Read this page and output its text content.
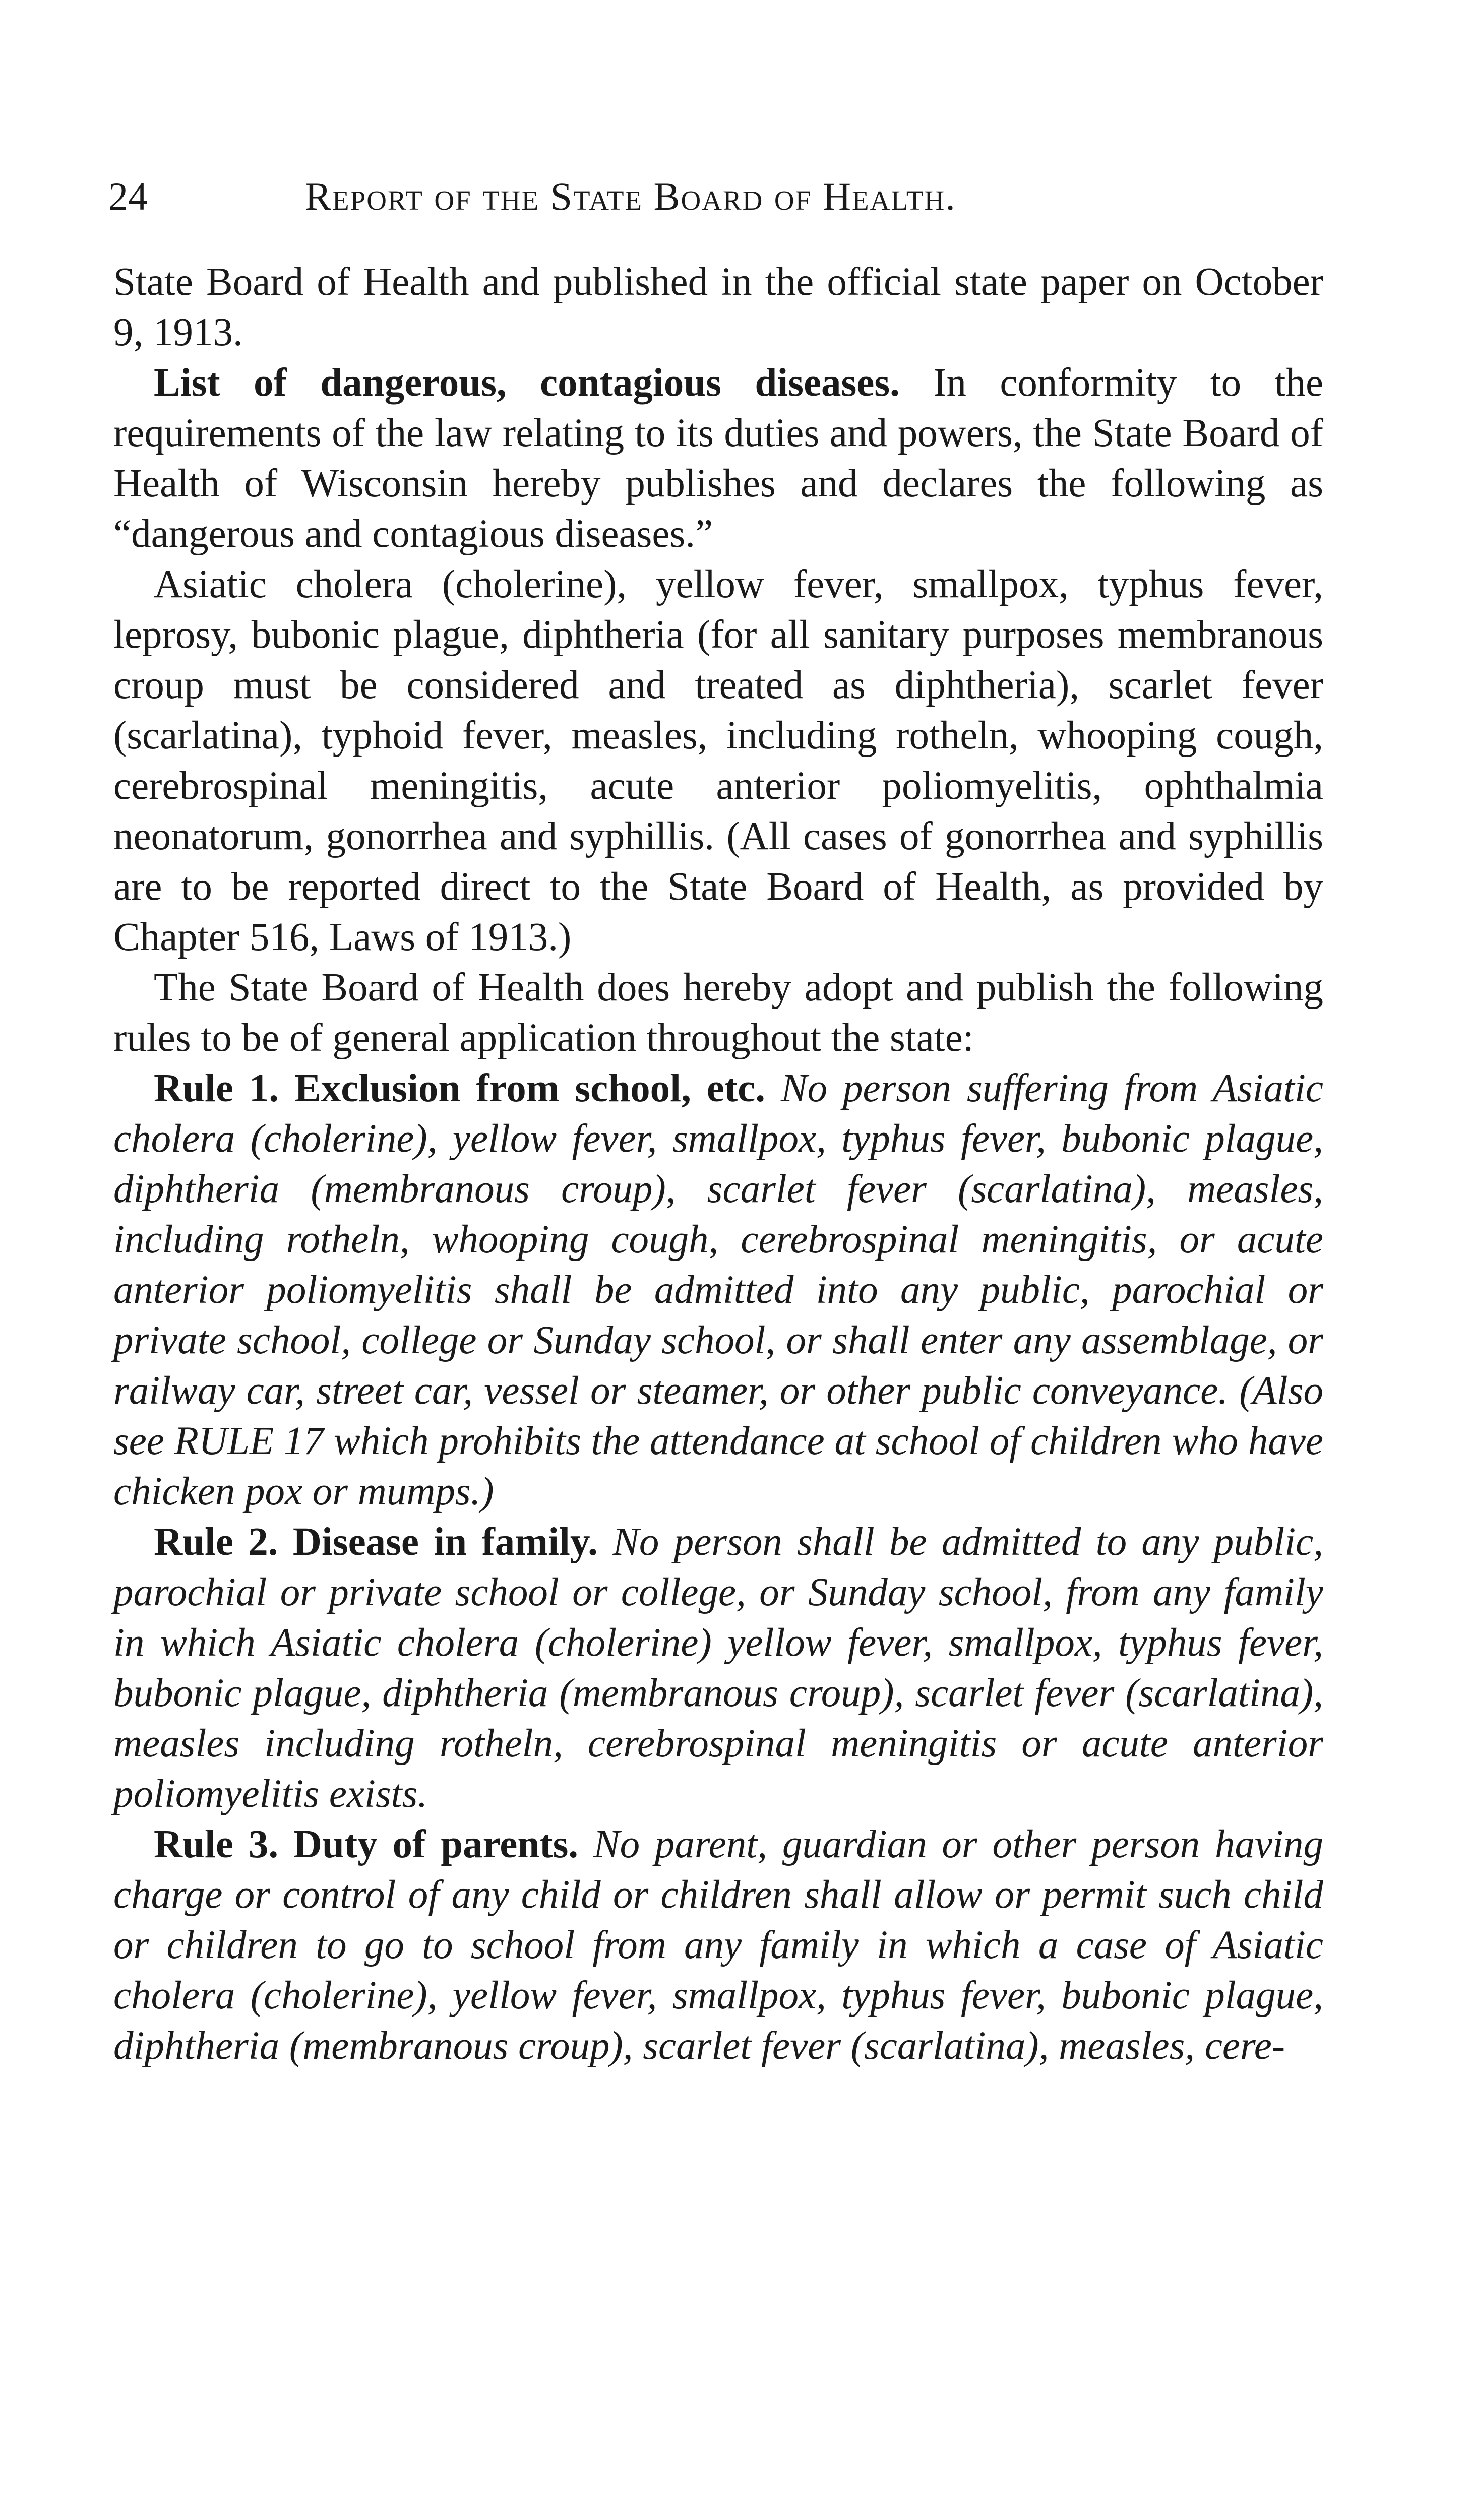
24	Report of the State Board of Health.

State Board of Health and published in the official state paper on October 9, 1913.

List of dangerous, contagious diseases. In conformity to the requirements of the law relating to its duties and powers, the State Board of Health of Wisconsin hereby publishes and declares the following as “dangerous and contagious diseases.”

Asiatic cholera (cholerine), yellow fever, smallpox, typhus fever, leprosy, bubonic plague, diphtheria (for all sanitary purposes membranous croup must be considered and treated as diphtheria), scarlet fever (scarlatina), typhoid fever, measles, including rotheln, whooping cough, cerebrospinal meningitis, acute anterior poliomyelitis, ophthalmia neonatorum, gonorrhea and syphillis. (All cases of gonorrhea and syphillis are to be reported direct to the State Board of Health, as provided by Chapter 516, Laws of 1913.)

The State Board of Health does hereby adopt and publish the following rules to be of general application throughout the state:

Rule 1. Exclusion from school, etc. No person suffering from Asiatic cholera (cholerine), yellow fever, smallpox, typhus fever, bubonic plague, diphtheria (membranous croup), scarlet fever (scarlatina), measles, including rotheln, whooping cough, cerebrospinal meningitis, or acute anterior poliomyelitis shall be admitted into any public, parochial or private school, college or Sunday school, or shall enter any assemblage, or railway car, street car, vessel or steamer, or other public conveyance. (Also see RULE 17 which prohibits the attendance at school of children who have chicken pox or mumps.)

Rule 2. Disease in family. No person shall be admitted to any public, parochial or private school or college, or Sunday school, from any family in which Asiatic cholera (cholerine) yellow fever, smallpox, typhus fever, bubonic plague, diphtheria (membranous croup), scarlet fever (scarlatina), measles including rotheln, cerebrospinal meningitis or acute anterior poliomyelitis exists.

Rule 3. Duty of parents. No parent, guardian or other person having charge or control of any child or children shall allow or permit such child or children to go to school from any family in which a case of Asiatic cholera (cholerine), yellow fever, smallpox, typhus fever, bubonic plague, diphtheria (membranous croup), scarlet fever (scarlatina), measles, cere-
